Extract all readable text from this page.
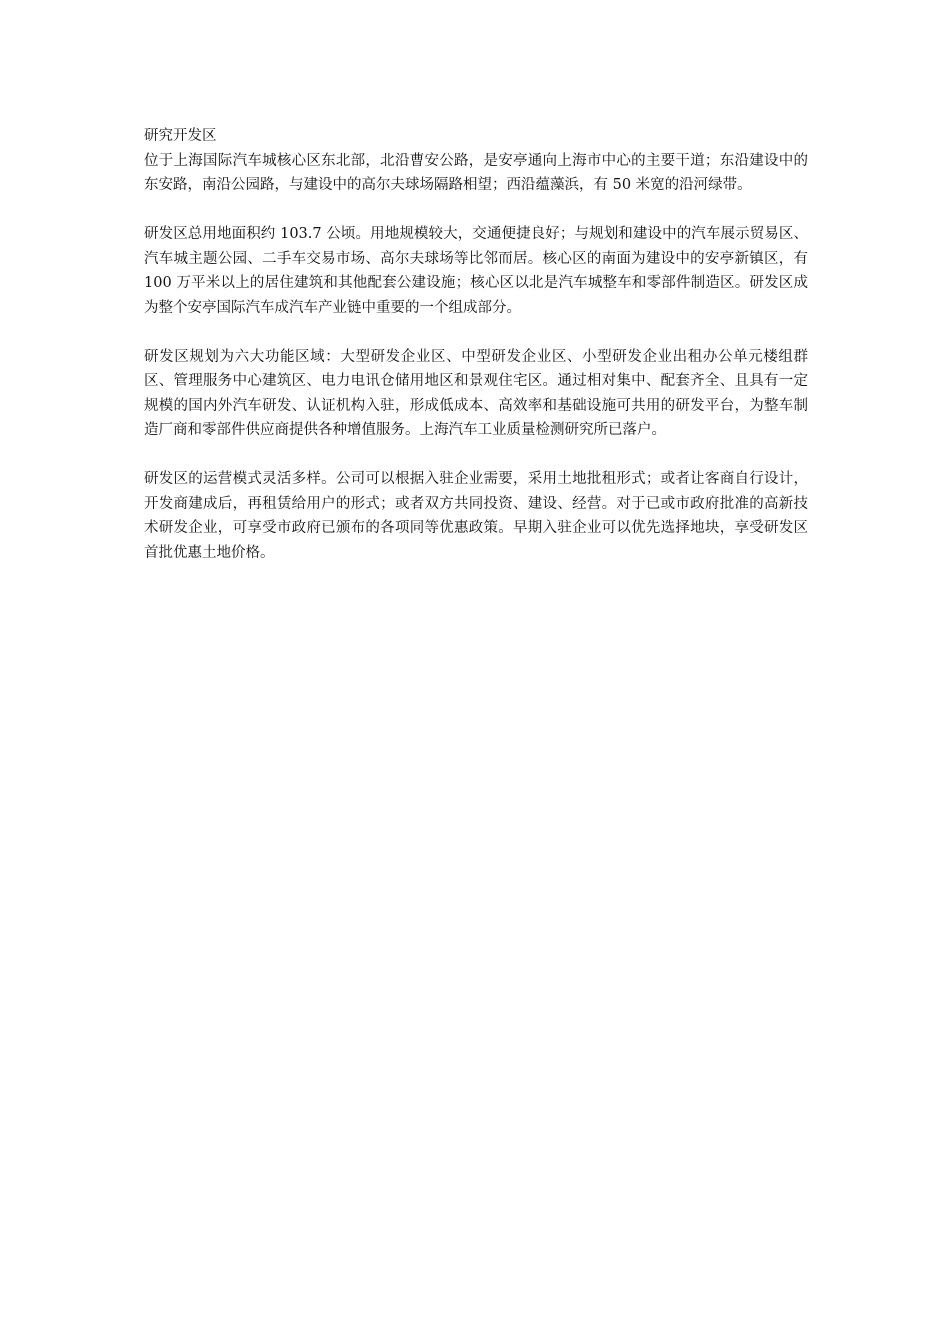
研究开发区

位于上海国际汽车城核心区东北部，北沿曹安公路，是安亭通向上海市中心的主要干道；东沿建设中的东安路，南沿公园路，与建设中的高尔夫球场隔路相望；西沿蕴藻浜，有 50 米宽的沿河绿带。

研发区总用地面积约 103.7 公顷。用地规模较大，交通便捷良好；与规划和建设中的汽车展示贸易区、汽车城主题公园、二手车交易市场、高尔夫球场等比邻而居。核心区的南面为建设中的安亭新镇区，有 100 万平米以上的居住建筑和其他配套公建设施；核心区以北是汽车城整车和零部件制造区。研发区成为整个安亭国际汽车成汽车产业链中重要的一个组成部分。

研发区规划为六大功能区域：大型研发企业区、中型研发企业区、小型研发企业出租办公单元楼组群区、管理服务中心建筑区、电力电讯仓储用地区和景观住宅区。通过相对集中、配套齐全、且具有一定规模的国内外汽车研发、认证机构入驻，形成低成本、高效率和基础设施可共用的研发平台，为整车制造厂商和零部件供应商提供各种增值服务。上海汽车工业质量检测研究所已落户。

研发区的运营模式灵活多样。公司可以根据入驻企业需要，采用土地批租形式；或者让客商自行设计，开发商建成后，再租赁给用户的形式；或者双方共同投资、建设、经营。对于已或市政府批准的高新技术研发企业，可享受市政府已颁布的各项同等优惠政策。早期入驻企业可以优先选择地块，享受研发区首批优惠土地价格。
